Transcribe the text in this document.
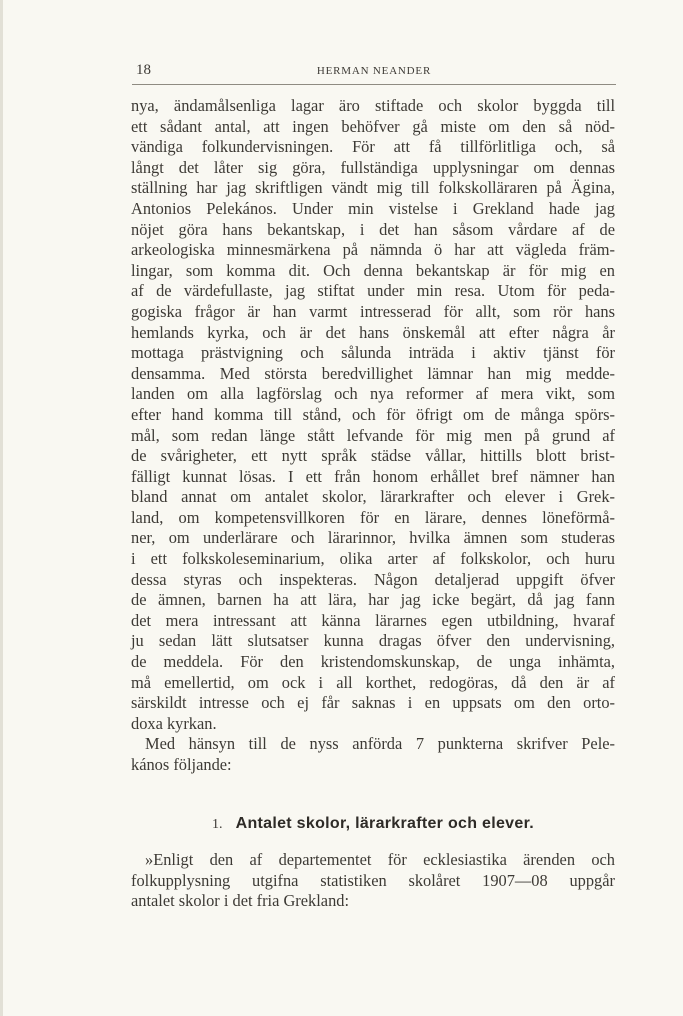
18	HERMAN NEANDER
nya, ändamålsenliga lagar äro stiftade och skolor byggda till
ett sådant antal, att ingen behöfver gå miste om den så nöd-
vändiga folkundervisningen. För att få tillförlitliga och, så
långt det låter sig göra, fullständiga upplysningar om dennas
ställning har jag skriftligen vändt mig till folkskolläraren på Ägina,
Antonios Pelekános. Under min vistelse i Grekland hade jag
nöjet göra hans bekantskap, i det han såsom vårdare af de
arkeologiska minnesmärkena på nämnda ö har att vägleda främ-
lingar, som komma dit. Och denna bekantskap är för mig en
af de värdefullaste, jag stiftat under min resa. Utom för peda-
gogiska frågor är han varmt intresserad för allt, som rör hans
hemlands kyrka, och är det hans önskemål att efter några år
mottaga prästvigning och sålunda inträda i aktiv tjänst för
densamma. Med största beredvillighet lämnar han mig medde-
landen om alla lagförslag och nya reformer af mera vikt, som
efter hand komma till stånd, och för öfrigt om de många spörs-
mål, som redan länge stått lefvande för mig men på grund af
de svårigheter, ett nytt språk städse vållar, hittills blott brist-
fälligt kunnat lösas. I ett från honom erhållet bref nämner han
bland annat om antalet skolor, lärarkrafter och elever i Grek-
land, om kompetensvillkoren för en lärare, dennes löneförmå-
ner, om underlärare och lärarinnor, hvilka ämnen som studeras
i ett folkskoleseminarium, olika arter af folkskolor, och huru
dessa styras och inspekteras. Någon detaljerad uppgift öfver
de ämnen, barnen ha att lära, har jag icke begärt, då jag fann
det mera intressant att känna lärarnes egen utbildning, hvaraf
ju sedan lätt slutsatser kunna dragas öfver den undervisning,
de meddela. För den kristendomskunskap, de unga inhämta,
må emellertid, om ock i all korthet, redogöras, då den är af
särskildt intresse och ej får saknas i en uppsats om den orto-
doxa kyrkan.
Med hänsyn till de nyss anförda 7 punkterna skrifver Pele-
kános följande:
1. Antalet skolor, lärarkrafter och elever.
»Enligt den af departementet för ecklesiastika ärenden och
folkupplysning utgifna statistiken skolåret 1907—08 uppgår
antalet skolor i det fria Grekland:
